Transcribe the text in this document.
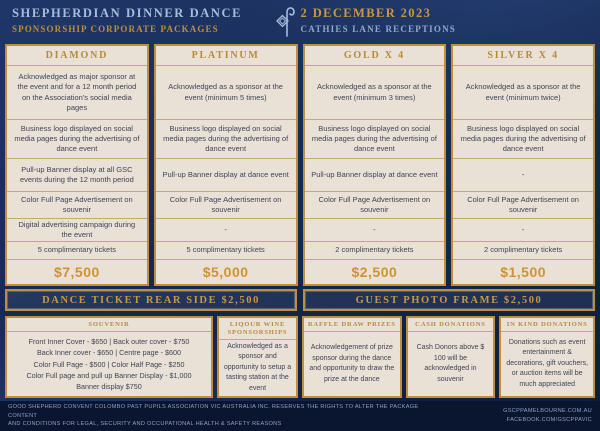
SHEPHERDIAN DINNER DANCE
SPONSORSHIP CORPORATE PACKAGES
2 DECEMBER 2023
CATHIES LANE RECEPTIONS
DIAMOND
Acknowledged as major sponsor at the event and for a 12 month period on the Association's social media pages
Business logo displayed on social media pages during the advertising of dance event
Pull-up Banner display at all GSC events during the 12 month period
Color Full Page Advertisement on souvenir
Digital advertising campaign during the event
5 complimentary tickets
$7,500
PLATINUM
Acknowledged as a sponsor at the event (minimum 5 times)
Business logo displayed on social media pages during the advertising of dance event
Pull-up Banner display at dance event
Color Full Page Advertisement on souvenir
-
5 complimentary tickets
$5,000
GOLD X 4
Acknowledged as a sponsor at the event (minimum 3 times)
Business logo displayed on social media pages during the advertising of dance event
Pull-up Banner display at dance event
Color Full Page Advertisement on souvenir
-
2 complimentary tickets
$2,500
SILVER X 4
Acknowledged as a sponsor at the event (minimum twice)
Business logo displayed on social media pages during the advertising of dance event
-
Color Full Page Advertisement on souvenir
-
2 complimentary tickets
$1,500
DANCE TICKET REAR SIDE $2,500	GUEST PHOTO FRAME $2,500
SOUVENIR
Front Inner Cover - $650 | Back outer cover - $750
Back Inner cover - $650 | Centre page - $600
Color Full Page - $500 | Color Half Page - $250
Color Full page and pull up Banner Display - $1,000
Banner display $750
LIQOUR WINE SPONSORSHIPS
Acknowledged as a sponsor and opportunity to setup a tasting station at the event
RAFFLE DRAW PRIZES
Acknowledgement of prize sponsor during the dance and opportunity to draw the prize at the dance
CASH DONATIONS
Cash Donors above $ 100 will be acknowledged in souvenir
IN KIND DONATIONS
Donations such as event entertainment & decorations, gift vouchers, or auction items will be much appreciated
GOOD SHEPHERD CONVENT COLOMBO PAST PUPILS ASSOCIATION VIC AUSTRALIA INC. RESERVES THE RIGHTS TO ALTER THE PACKAGE CONTENT
AND CONDITIONS FOR LEGAL, SECURITY AND OCCUPATIONAL HEALTH & SAFETY REASONS
GSCPPAMELBOURNE.COM.AU
FACEBOOK.COM/GSCPPAVIC
